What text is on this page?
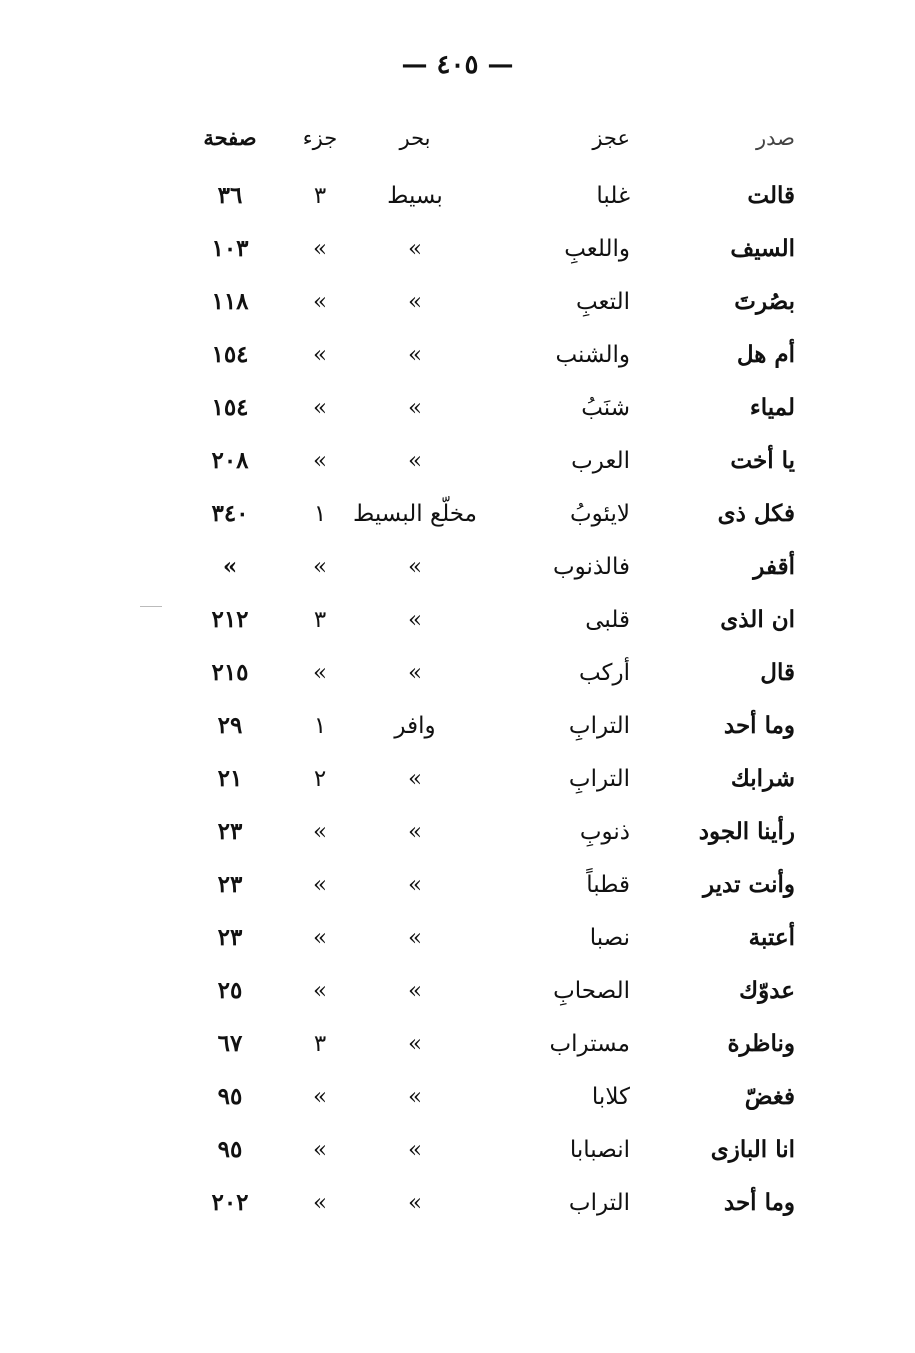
— ٤٠٥ —
صدر
عجز
بحر
جزء
صفحة
قالت
غلبا
بسيط
٣
٣٦
السيف
واللعبِ
»
»
١٠٣
بصُرتَ
التعبِ
»
»
١١٨
أم هل
والشنب
»
»
١٥٤
لمياء
شنَبُ
»
»
١٥٤
يا أخت
العرب
»
»
٢٠٨
فكل ذى
لايئوبُ
مخلّع البسيط
١
٣٤٠
أقفر
فالذنوب
»
»
»
ان الذى
قلبى
»
٣
٢١٢
قال
أركب
»
»
٢١٥
وما أحد
الترابِ
وافر
١
٢٩
شرابك
الترابِ
»
٢
٢١
رأينا الجود
ذنوبِ
»
»
٢٣
وأنت تدير
قطباً
»
»
٢٣
أعتبة
نصبا
»
»
٢٣
عدوّك
الصحابِ
»
»
٢٥
وناظرة
مستراب
»
٣
٦٧
فغضّ
كلابا
»
»
٩٥
انا البازى
انصبابا
»
»
٩٥
وما أحد
التراب
»
»
٢٠٢
